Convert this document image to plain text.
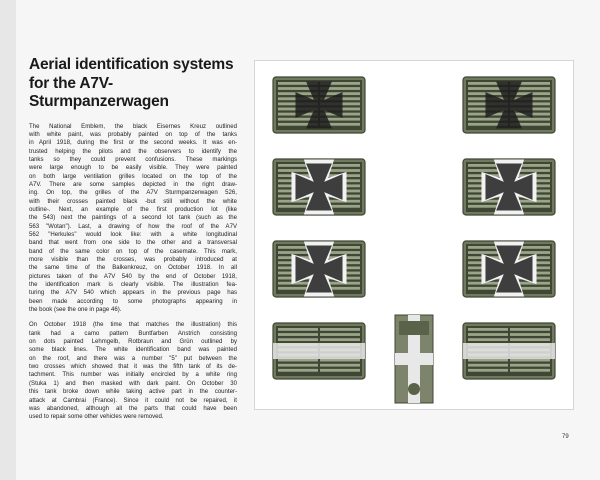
Aerial identification systems
for the A7V-Sturmpanzerwagen

The National Emblem, the black Eisernes Kreuz outlined
with white paint, was probably painted on top of the tanks
in April 1918, during the first or the second weeks. It was en-
trusted helping the pilots and the observers to identify the
tanks so they could prevent confusions. These markings
were large enough to be easily visible. They were painted
on both large ventilation grilles located on the top of the
A7V. There are some samples depicted in the right draw-
ing. On top, the grilles of the A7V Sturmpanzerwagen 526,
with their crosses painted black -but still without the white
outline-. Next, an example of the first production lot (like
the 543) next the paintings of a second lot tank (such as the
563 "Wotan"). Last, a drawing of how the roof of the A7V
562 "Herkules" would look like: with a white longitudinal
band that went from one side to the other and a transversal
band of the same color on top of the casemate. This mark,
more visible than the crosses, was probably introduced at
the same time of the Balkenkreuz, on October 1918. In all
pictures taken of the A7V 540 by the end of October 1918,
the identification mark is clearly visible. The illustration fea-
turing the A7V 540 which appears in the previous page has
been made according to some photographs appearing in
the book (see the one in page 46).

On October 1918 (the time that matches the illustration) this
tank had a camo pattern Buntfarben Anstrich consisting
on dots painted Lehmgelb, Rotbraun and Grün outlined by
some black lines. The white identification band was painted
on the roof, and there was a number "5" put between the
two crosses which showed that it was the fifth tank of its de-
tachment. This number was initially encircled by a white ring
(Stuka 1) and then masked with dark paint. On October 30
this tank broke down while taking active part in the counter-
attack at Cambrai (France). Since it could not be repaired, it
was abandoned, although all the parts that could have been
used to repair some other vehicles were removed.

79
